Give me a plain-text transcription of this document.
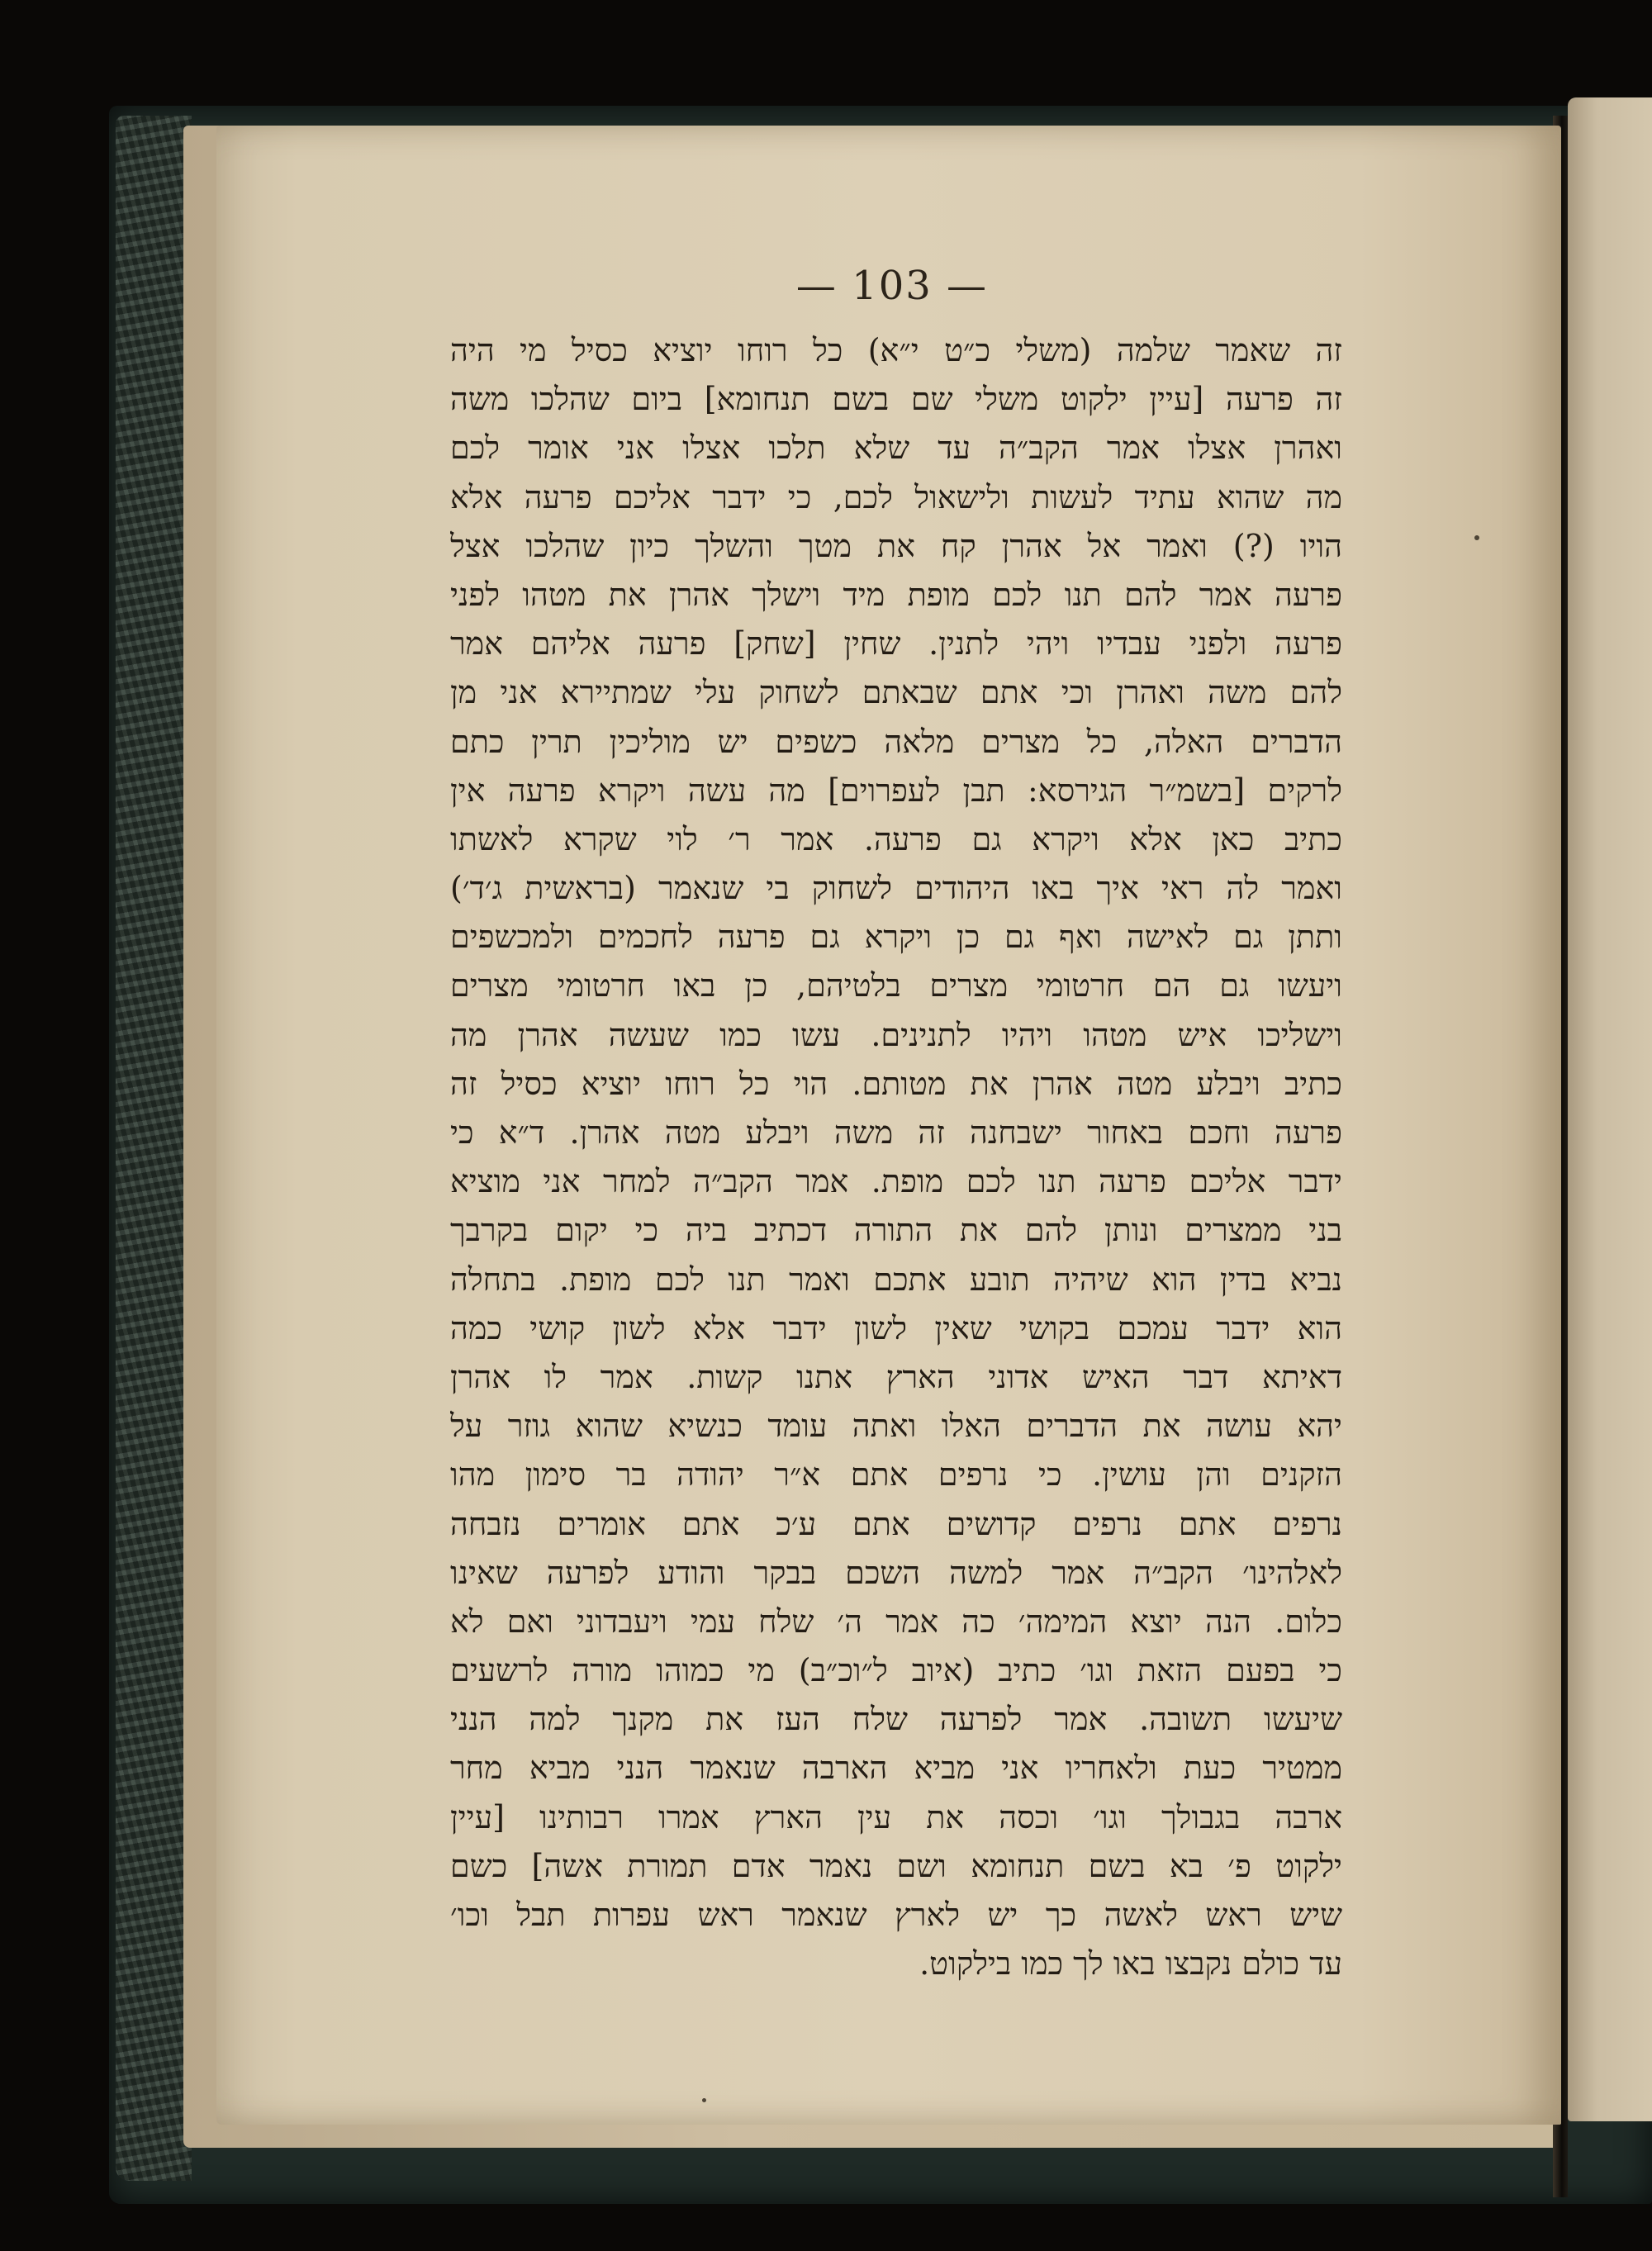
— 103 —
זה שאמר שלמה (משלי כ״ט י״א) כל רוחו יוציא כסיל מי היה
זה פרעה [עיין ילקוט משלי שם בשם תנחומא] ביום שהלכו משה
ואהרן אצלו אמר הקב״ה עד שלא תלכו אצלו אני אומר לכם
מה שהוא עתיד לעשות ולישאול לכם, כי ידבר אליכם פרעה אלא
הויו (?) ואמר אל אהרן קח את מטך והשלך כיון שהלכו אצל
פרעה אמר להם תנו לכם מופת מיד וישלך אהרן את מטהו לפני
פרעה ולפני עבדיו ויהי לתנין. שחין [שחק] פרעה אליהם אמר
להם משה ואהרן וכי אתם שבאתם לשחוק עלי שמתיירא אני מן
הדברים האלה, כל מצרים מלאה כשפים יש מוליכין תרין כתם
לרקים [בשמ״ר הגירסא: תבן לעפרוים] מה עשה ויקרא פרעה אין
כתיב כאן אלא ויקרא גם פרעה. אמר ר׳ לוי שקרא לאשתו
ואמר לה ראי איך באו היהודים לשחוק בי שנאמר (בראשית ג׳ד׳)
ותתן גם לאישה ואף גם כן ויקרא גם פרעה לחכמים ולמכשפים
ויעשו גם הם חרטומי מצרים בלטיהם, כן באו חרטומי מצרים
וישליכו איש מטהו ויהיו לתנינים. עשו כמו שעשה אהרן מה
כתיב ויבלע מטה אהרן את מטותם. הוי כל רוחו יוציא כסיל זה
פרעה וחכם באחור ישבחנה זה משה ויבלע מטה אהרן. ד״א כי
ידבר אליכם פרעה תנו לכם מופת. אמר הקב״ה למחר אני מוציא
בני ממצרים ונותן להם את התורה דכתיב ביה כי יקום בקרבך
נביא בדין הוא שיהיה תובע אתכם ואמר תנו לכם מופת. בתחלה
הוא ידבר עמכם בקושי שאין לשון ידבר אלא לשון קושי כמה
דאיתא דבר האיש אדוני הארץ אתנו קשות. אמר לו אהרן
יהא עושה את הדברים האלו ואתה עומד כנשיא שהוא גוזר על
הזקנים והן עושין. כי נרפים אתם א״ר יהודה בר סימון מהו
נרפים אתם נרפים קדושים אתם ע׳כ אתם אומרים נזבחה
לאלהינו׳ הקב״ה אמר למשה השכם בבקר והודע לפרעה שאינו
כלום. הנה יוצא המימה׳ כה אמר ה׳ שלח עמי ויעבדוני ואם לא
כי בפעם הזאת וגו׳ כתיב (איוב ל״וכ״ב) מי כמוהו מורה לרשעים
שיעשו תשובה. אמר לפרעה שלח העז את מקנך למה הנני
ממטיר כעת ולאחריו אני מביא הארבה שנאמר הנני מביא מחר
ארבה בגבולך וגו׳ וכסה את עין הארץ אמרו רבותינו [עיין
ילקוט פ׳ בא בשם תנחומא ושם נאמר אדם תמורת אשה] כשם
שיש ראש לאשה כך יש לארץ שנאמר ראש עפרות תבל וכו׳
עד כולם נקבצו באו לך כמו בילקוט.
